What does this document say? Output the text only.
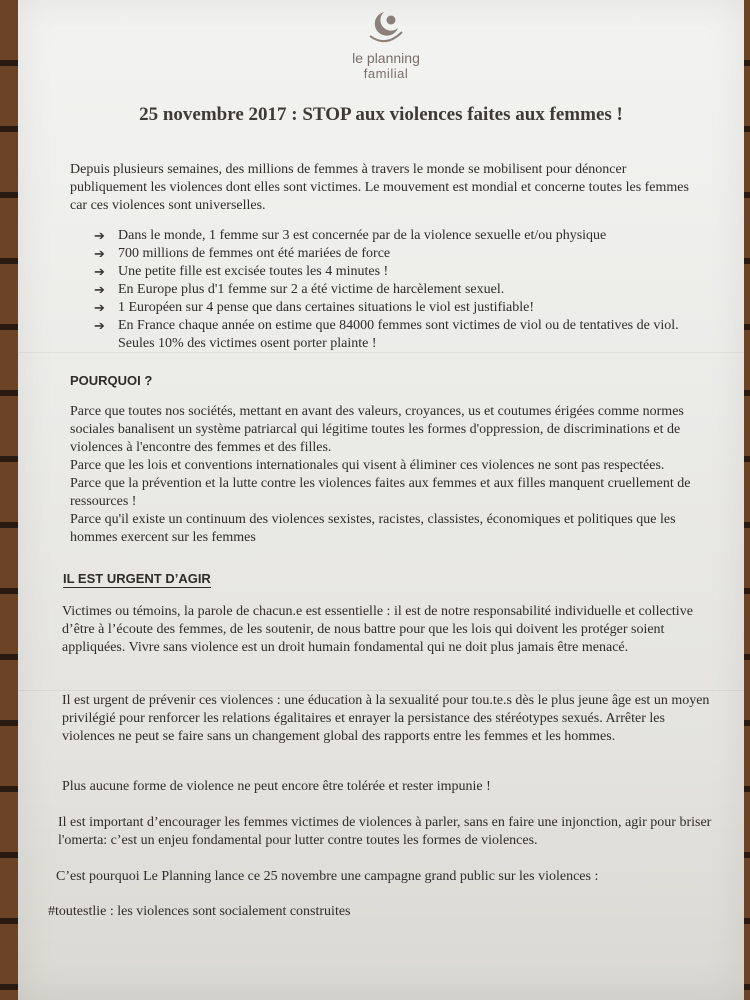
le planning
familial
25 novembre 2017 : STOP aux violences faites aux femmes !

Depuis plusieurs semaines, des millions de femmes à travers le monde se mobilisent pour dénoncer publiquement les violences dont elles sont victimes. Le mouvement est mondial et concerne toutes les femmes car ces violences sont universelles.

➔ Dans le monde, 1 femme sur 3 est concernée par de la violence sexuelle et/ou physique
➔ 700 millions de femmes ont été mariées de force
➔ Une petite fille est excisée toutes les 4 minutes !
➔ En Europe plus d'1 femme sur 2 a été victime de harcèlement sexuel.
➔ 1 Européen sur 4 pense que dans certaines situations le viol est justifiable!
➔ En France chaque année on estime que 84000 femmes sont victimes de viol ou de tentatives de viol. Seules 10% des victimes osent porter plainte !
POURQUOI ?

Parce que toutes nos sociétés, mettant en avant des valeurs, croyances, us et coutumes érigées comme normes sociales banalisent un système patriarcal qui légitime toutes les formes d'oppression, de discriminations et de violences à l'encontre des femmes et des filles.

Parce que les lois et conventions internationales qui visent à éliminer ces violences ne sont pas respectées.

Parce que la prévention et la lutte contre les violences faites aux femmes et aux filles manquent cruellement de ressources !

Parce qu'il existe un continuum des violences sexistes, racistes, classistes, économiques et politiques que les hommes exercent sur les femmes

IL EST URGENT D’AGIR

Victimes ou témoins, la parole de chacun.e est essentielle : il est de notre responsabilité individuelle et collective d’être à l’écoute des femmes, de les soutenir, de nous battre pour que les lois qui doivent les protéger soient appliquées. Vivre sans violence est un droit humain fondamental qui ne doit plus jamais être menacé.

Il est urgent de prévenir ces violences : une éducation à la sexualité pour tou.te.s dès le plus jeune âge est un moyen privilégié pour renforcer les relations égalitaires et enrayer la persistance des stéréotypes sexués. Arrêter les violences ne peut se faire sans un changement global des rapports entre les femmes et les hommes.

Plus aucune forme de violence ne peut encore être tolérée et rester impunie !

Il est important d’encourager les femmes victimes de violences à parler, sans en faire une injonction, agir pour briser l'omerta: c’est un enjeu fondamental pour lutter contre toutes les formes de violences.

C’est pourquoi Le Planning lance ce 25 novembre une campagne grand public sur les violences :

#toutestlie : les violences sont socialement construites
